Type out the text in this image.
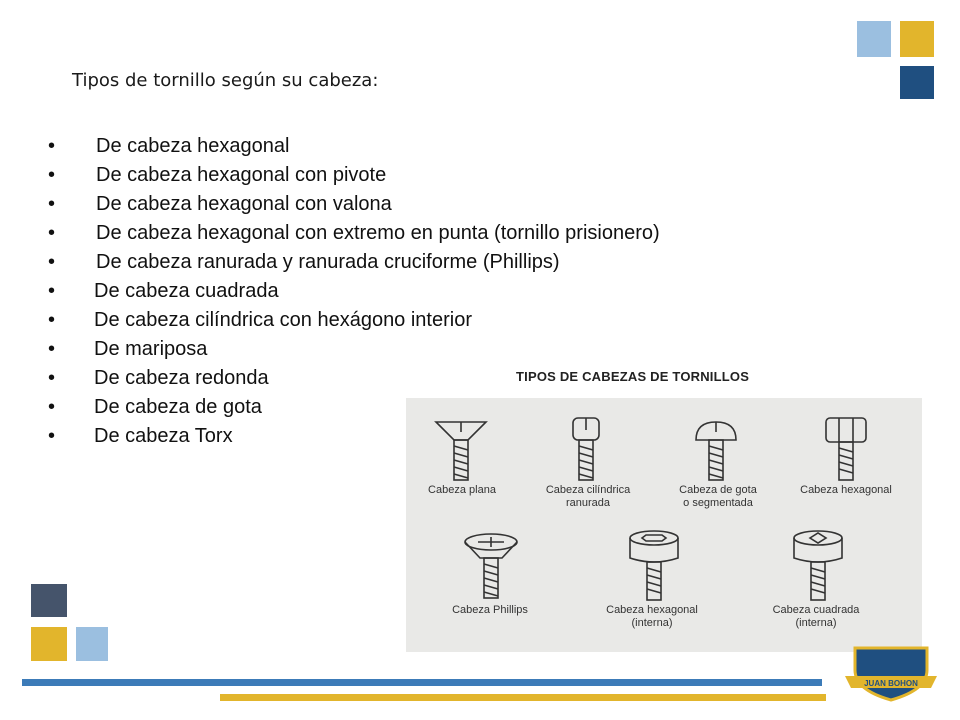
Tipos de tornillo según su cabeza:
• De cabeza hexagonal
• De cabeza hexagonal con pivote
• De cabeza hexagonal con valona
• De cabeza hexagonal con extremo en punta (tornillo prisionero)
• De cabeza ranurada y ranurada cruciforme (Phillips)
• De cabeza cuadrada
• De cabeza cilíndrica con hexágono interior
• De mariposa
• De cabeza redonda
• De cabeza de gota
• De cabeza Torx
TIPOS DE CABEZAS DE TORNILLOS
Cabeza plana	Cabeza cilíndrica
ranurada
Cabeza de gota
o segmentada
Cabeza hexagonal
Cabeza Phillips	Cabeza hexagonal
(interna)
Cabeza cuadrada
(interna)
JUAN BOHON
